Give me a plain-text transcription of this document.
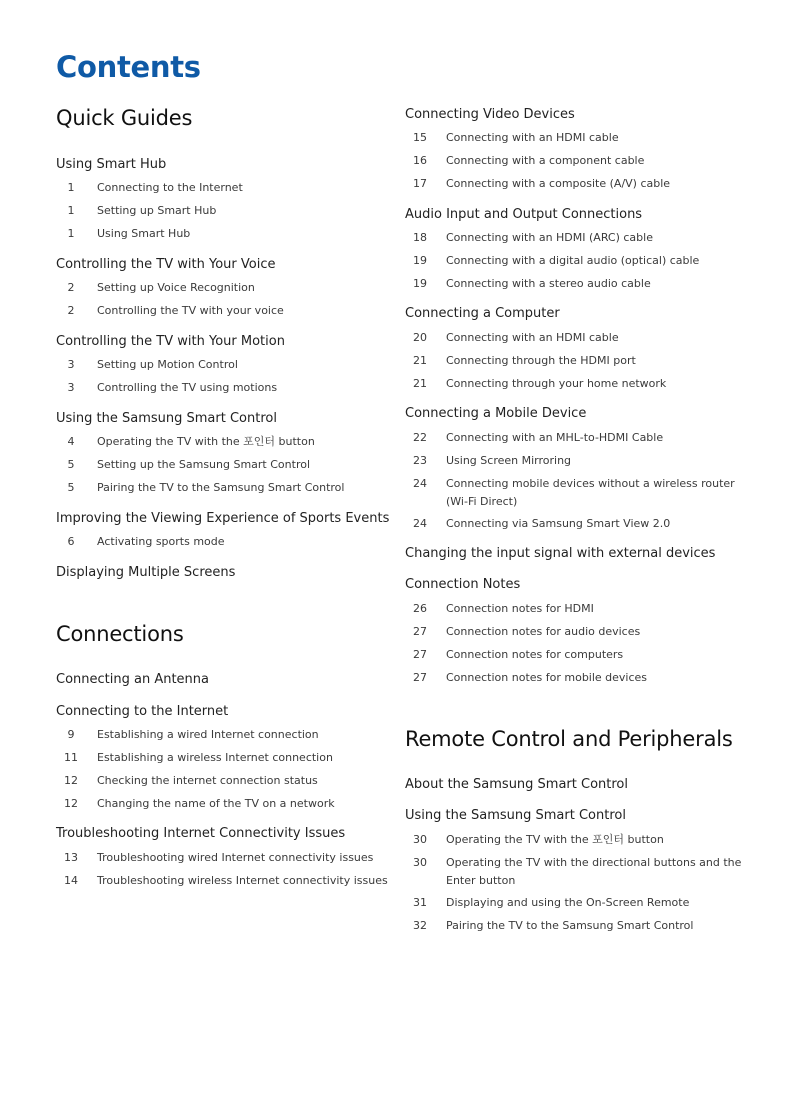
Contents
Quick Guides
Using Smart Hub
1	Connecting to the Internet
1	Setting up Smart Hub
1	Using Smart Hub
Controlling the TV with Your Voice
2	Setting up Voice Recognition
2	Controlling the TV with your voice
Controlling the TV with Your Motion
3	Setting up Motion Control
3	Controlling the TV using motions
Using the Samsung Smart Control
4	Operating the TV with the 포인터 button
5	Setting up the Samsung Smart Control
5	Pairing the TV to the Samsung Smart Control
Improving the Viewing Experience of Sports Events
6	Activating sports mode
Displaying Multiple Screens
Connections
Connecting an Antenna
Connecting to the Internet
9	Establishing a wired Internet connection
11	Establishing a wireless Internet connection
12	Checking the internet connection status
12	Changing the name of the TV on a network
Troubleshooting Internet Connectivity Issues
13	Troubleshooting wired Internet connectivity issues
14	Troubleshooting wireless Internet connectivity issues
Connecting Video Devices
15	Connecting with an HDMI cable
16	Connecting with a component cable
17	Connecting with a composite (A/V) cable
Audio Input and Output Connections
18	Connecting with an HDMI (ARC) cable
19	Connecting with a digital audio (optical) cable
19	Connecting with a stereo audio cable
Connecting a Computer
20	Connecting with an HDMI cable
21	Connecting through the HDMI port
21	Connecting through your home network
Connecting a Mobile Device
22	Connecting with an MHL-to-HDMI Cable
23	Using Screen Mirroring
24	Connecting mobile devices without a wireless router (Wi-Fi Direct)
24	Connecting via Samsung Smart View 2.0
Changing the input signal with external devices
Connection Notes
26	Connection notes for HDMI
27	Connection notes for audio devices
27	Connection notes for computers
27	Connection notes for mobile devices
Remote Control and Peripherals
About the Samsung Smart Control
Using the Samsung Smart Control
30	Operating the TV with the 포인터 button
30	Operating the TV with the directional buttons and the Enter button
31	Displaying and using the On-Screen Remote
32	Pairing the TV to the Samsung Smart Control
